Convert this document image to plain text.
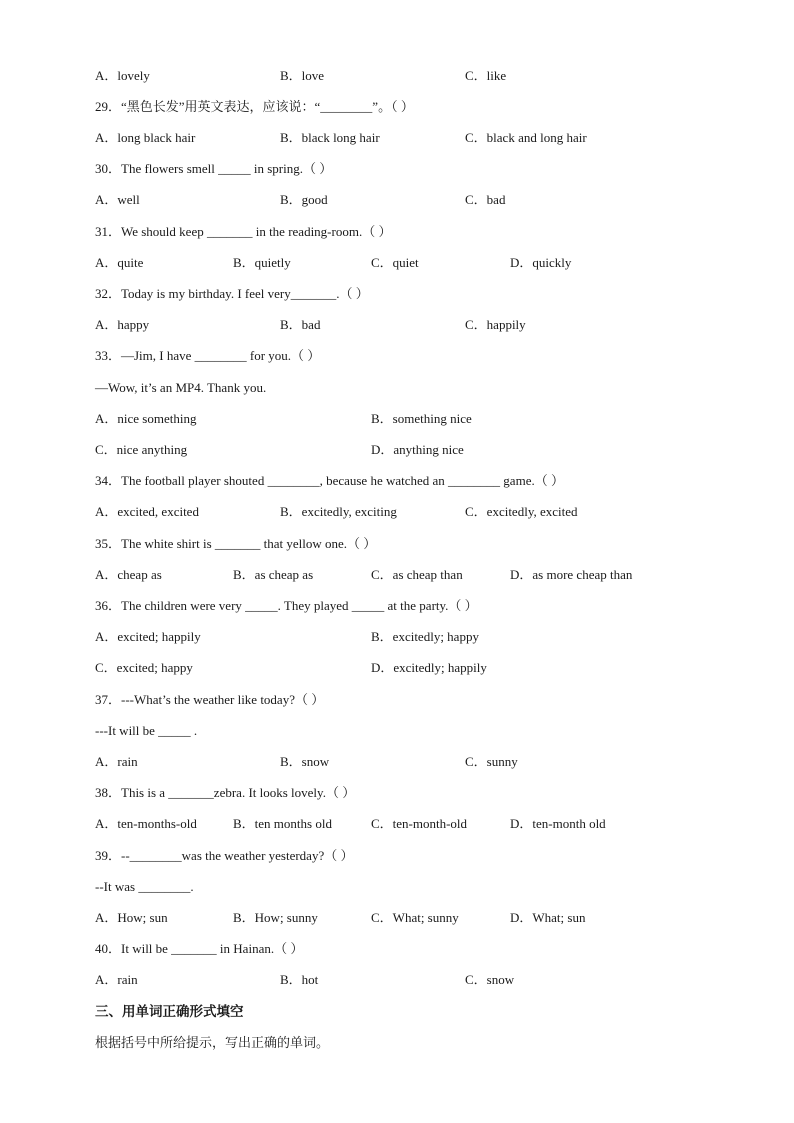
A．lovely	B．love	C．like
29．“黑色长发”用英文表达，应该说：“________”。（ ）
A．long black hair	B．black long hair	C．black and long hair
30．The flowers smell _____ in spring.（ ）
A．well	B．good	C．bad
31．We should keep _______ in the reading-room.（ ）
A．quite	B．quietly	C．quiet	D．quickly
32．Today is my birthday. I feel very_______.（ ）
A．happy	B．bad	C．happily
33．—Jim, I have ________ for you.（ ）
—Wow, it’s an MP4. Thank you.
A．nice something	B．something nice
C．nice anything	D．anything nice
34．The football player shouted ________, because he watched an ________ game.（ ）
A．excited, excited	B．excitedly, exciting	C．excitedly, excited
35．The white shirt is _______ that yellow one.（ ）
A．cheap as	B．as cheap as	C．as cheap than	D．as more cheap than
36．The children were very _____. They played _____ at the party.（ ）
A．excited; happily	B．excitedly; happy
C．excited; happy	D．excitedly; happily
37．---What’s the weather like today?（ ）
---It will be _____ .
A．rain	B．snow	C．sunny
38．This is a _______zebra. It looks lovely.（ ）
A．ten-months-old	B．ten months old	C．ten-month-old	D．ten-month old
39．--________was the weather yesterday?（ ）
--It was ________.
A．How; sun	B．How; sunny	C．What; sunny	D．What; sun
40．It will be _______ in Hainan.（ ）
A．rain	B．hot	C．snow
三、用单词正确形式填空
根据括号中所给提示，写出正确的单词。
